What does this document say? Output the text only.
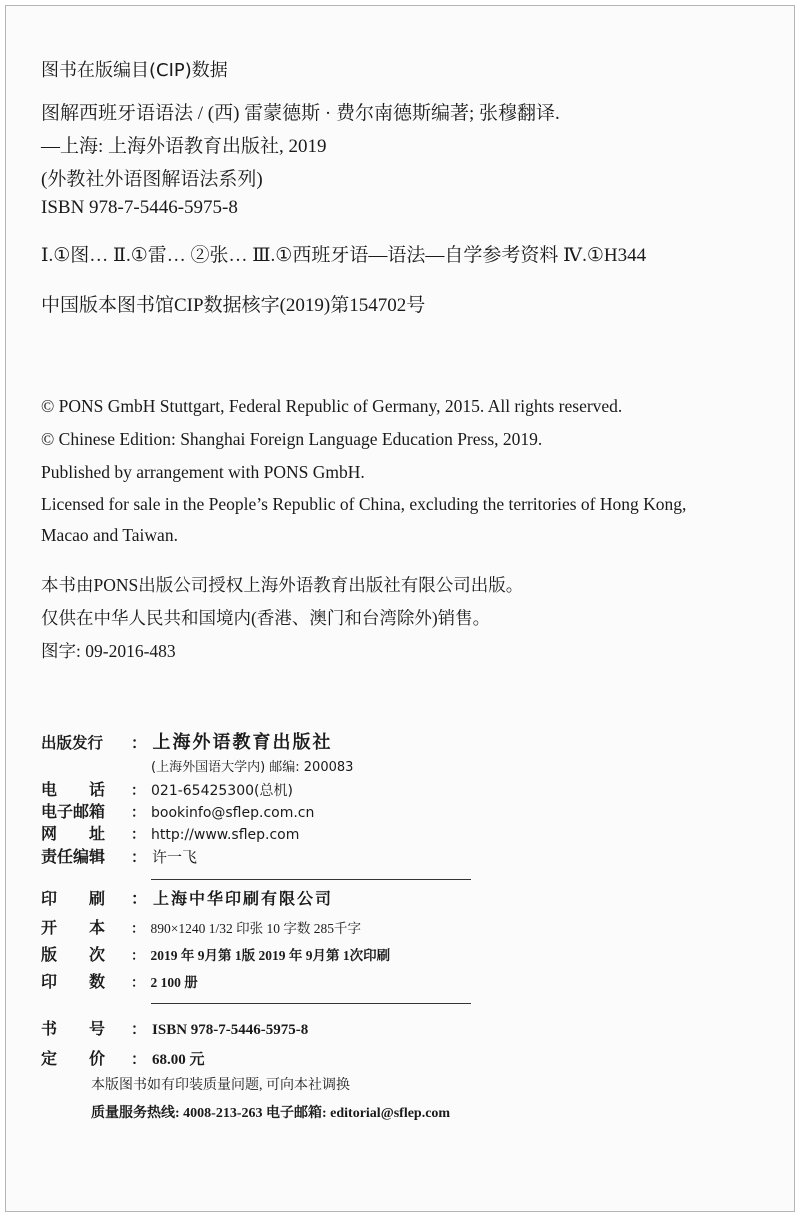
图书在版编目(CIP)数据
图解西班牙语语法 / (西) 雷蒙德斯 · 费尔南德斯编著; 张穆翻译.
—上海: 上海外语教育出版社, 2019
(外教社外语图解语法系列)
ISBN 978-7-5446-5975-8
Ⅰ.①图… Ⅱ.①雷… ②张… Ⅲ.①西班牙语—语法—自学参考资料 Ⅳ.①H344
中国版本图书馆CIP数据核字(2019)第154702号
© PONS GmbH Stuttgart, Federal Republic of Germany, 2015. All rights reserved.
© Chinese Edition: Shanghai Foreign Language Education Press, 2019.
Published by arrangement with PONS GmbH.
Licensed for sale in the People’s Republic of China, excluding the territories of Hong Kong,
Macao and Taiwan.
本书由PONS出版公司授权上海外语教育出版社有限公司出版。
仅供在中华人民共和国境内(香港、澳门和台湾除外)销售。
图字: 09-2016-483
出版发行 ： 上海外语教育出版社
(上海外国语大学内) 邮编: 200083
电　　话 ： 021-65425300(总机)
电子邮箱 ： bookinfo@sflep.com.cn
网　　址 ： http://www.sflep.com
责任编辑 ： 许一飞
印　　刷 ： 上海中华印刷有限公司
开　　本 ： 890×1240 1/32 印张 10 字数 285千字
版　　次 ： 2019 年 9月第 1版 2019 年 9月第 1次印刷
印　　数 ： 2 100 册
书　　号 ： ISBN 978-7-5446-5975-8
定　　价 ： 68.00 元
本版图书如有印装质量问题, 可向本社调换
质量服务热线: 4008-213-263 电子邮箱: editorial@sflep.com
